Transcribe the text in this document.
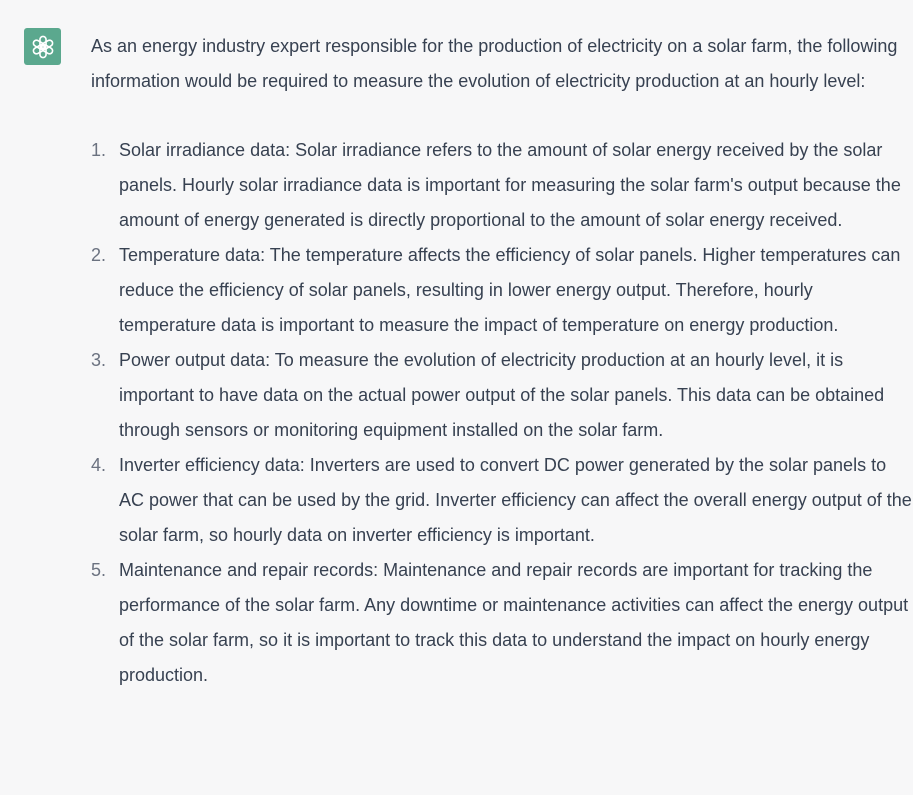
As an energy industry expert responsible for the production of electricity on a solar farm, the following information would be required to measure the evolution of electricity production at an hourly level:

1. Solar irradiance data: Solar irradiance refers to the amount of solar energy received by the solar panels. Hourly solar irradiance data is important for measuring the solar farm's output because the amount of energy generated is directly proportional to the amount of solar energy received.
2. Temperature data: The temperature affects the efficiency of solar panels. Higher temperatures can reduce the efficiency of solar panels, resulting in lower energy output. Therefore, hourly temperature data is important to measure the impact of temperature on energy production.
3. Power output data: To measure the evolution of electricity production at an hourly level, it is important to have data on the actual power output of the solar panels. This data can be obtained through sensors or monitoring equipment installed on the solar farm.
4. Inverter efficiency data: Inverters are used to convert DC power generated by the solar panels to AC power that can be used by the grid. Inverter efficiency can affect the overall energy output of the solar farm, so hourly data on inverter efficiency is important.
5. Maintenance and repair records: Maintenance and repair records are important for tracking the performance of the solar farm. Any downtime or maintenance activities can affect the energy output of the solar farm, so it is important to track this data to understand the impact on hourly energy production.
